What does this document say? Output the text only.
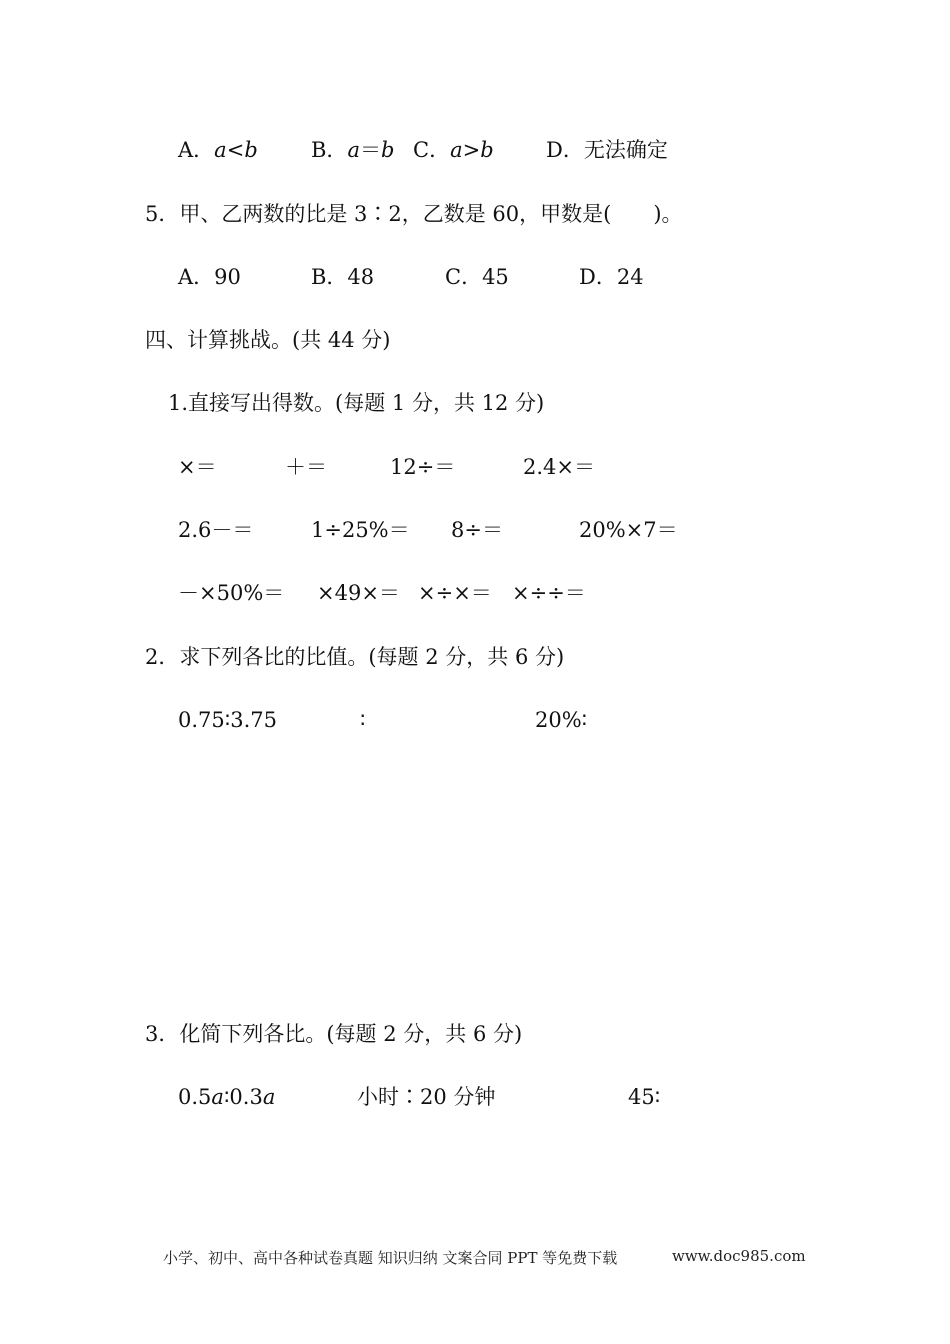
A．a<b	B．a＝b C．a>b D．无法确定
5．甲、乙两数的比是 3∶2，乙数是 60，甲数是(　　)。
A．90	B．48	C．45	D．24
四、计算挑战。(共 44 分)
1.直接写出得数。(每题 1 分，共 12 分)
×＝	＋＝	12÷＝	2.4×＝
2.6－＝	1÷25%＝ 8÷＝	20%×7＝
－×50%＝ ×49×＝ ×÷×＝ ×÷÷＝
2．求下列各比的比值。(每题 2 分，共 6 分)
0.75∶3.75	∶	20%∶
3．化简下列各比。(每题 2 分，共 6 分)
0.5a∶0.3a	小时∶20 分钟	45∶
小学、初中、高中各种试卷真题 知识归纳 文案合同 PPT 等免费下载	www.doc985.com
